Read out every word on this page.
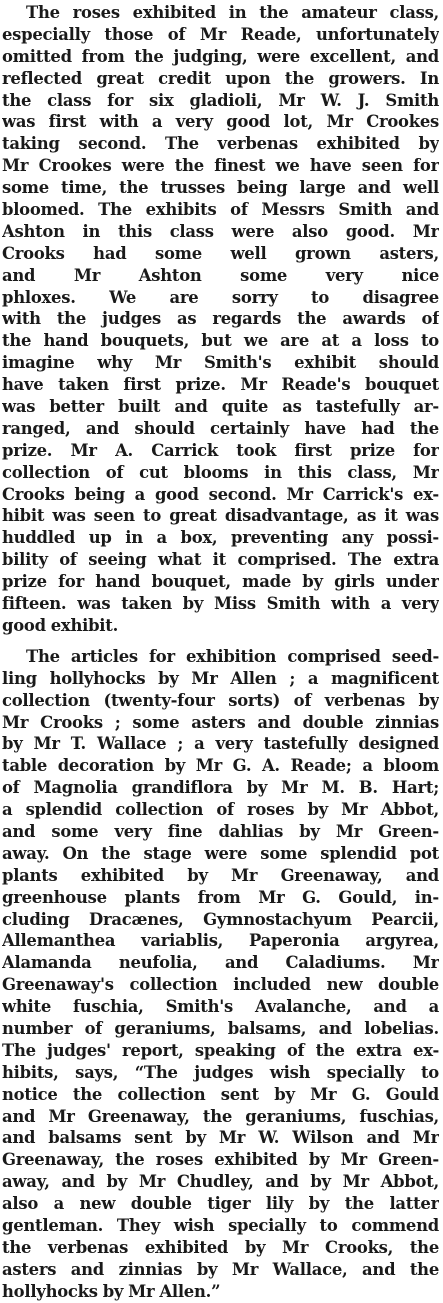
The roses exhibited in the amateur class,
especially those of Mr Reade, unfortunately
omitted from the judging, were excellent, and
reflected great credit upon the growers. In
the class for six gladioli, Mr W. J. Smith
was first with a very good lot, Mr Crookes
taking second. The verbenas exhibited by
Mr Crookes were the finest we have seen for
some time, the trusses being large and well
bloomed. The exhibits of Messrs Smith and
Ashton in this class were also good. Mr
Crooks had some well grown asters,
and Mr Ashton some very nice
phloxes. We are sorry to disagree
with the judges as regards the awards of
the hand bouquets, but we are at a loss to
imagine why Mr Smith's exhibit should
have taken first prize. Mr Reade's bouquet
was better built and quite as tastefully ar-
ranged, and should certainly have had the
prize. Mr A. Carrick took first prize for
collection of cut blooms in this class, Mr
Crooks being a good second. Mr Carrick's ex-
hibit was seen to great disadvantage, as it was
huddled up in a box, preventing any possi-
bility of seeing what it comprised. The extra
prize for hand bouquet, made by girls under
fifteen. was taken by Miss Smith with a very
good exhibit.
The articles for exhibition comprised seed-
ling hollyhocks by Mr Allen ; a magnificent
collection (twenty-four sorts) of verbenas by
Mr Crooks ; some asters and double zinnias
by Mr T. Wallace ; a very tastefully designed
table decoration by Mr G. A. Reade; a bloom
of Magnolia grandiflora by Mr M. B. Hart;
a splendid collection of roses by Mr Abbot,
and some very fine dahlias by Mr Green-
away. On the stage were some splendid pot
plants exhibited by Mr Greenaway, and
greenhouse plants from Mr G. Gould, in-
cluding Dracænes, Gymnostachyum Pearcii,
Allemanthea variablis, Paperonia argyrea,
Alamanda neufolia, and Caladiums. Mr
Greenaway's collection included new double
white fuschia, Smith's Avalanche, and a
number of geraniums, balsams, and lobelias.
The judges' report, speaking of the extra ex-
hibits, says, “The judges wish specially to
notice the collection sent by Mr G. Gould
and Mr Greenaway, the geraniums, fuschias,
and balsams sent by Mr W. Wilson and Mr
Greenaway, the roses exhibited by Mr Green-
away, and by Mr Chudley, and by Mr Abbot,
also a new double tiger lily by the latter
gentleman. They wish specially to commend
the verbenas exhibited by Mr Crooks, the
asters and zinnias by Mr Wallace, and the
hollyhocks by Mr Allen.”
